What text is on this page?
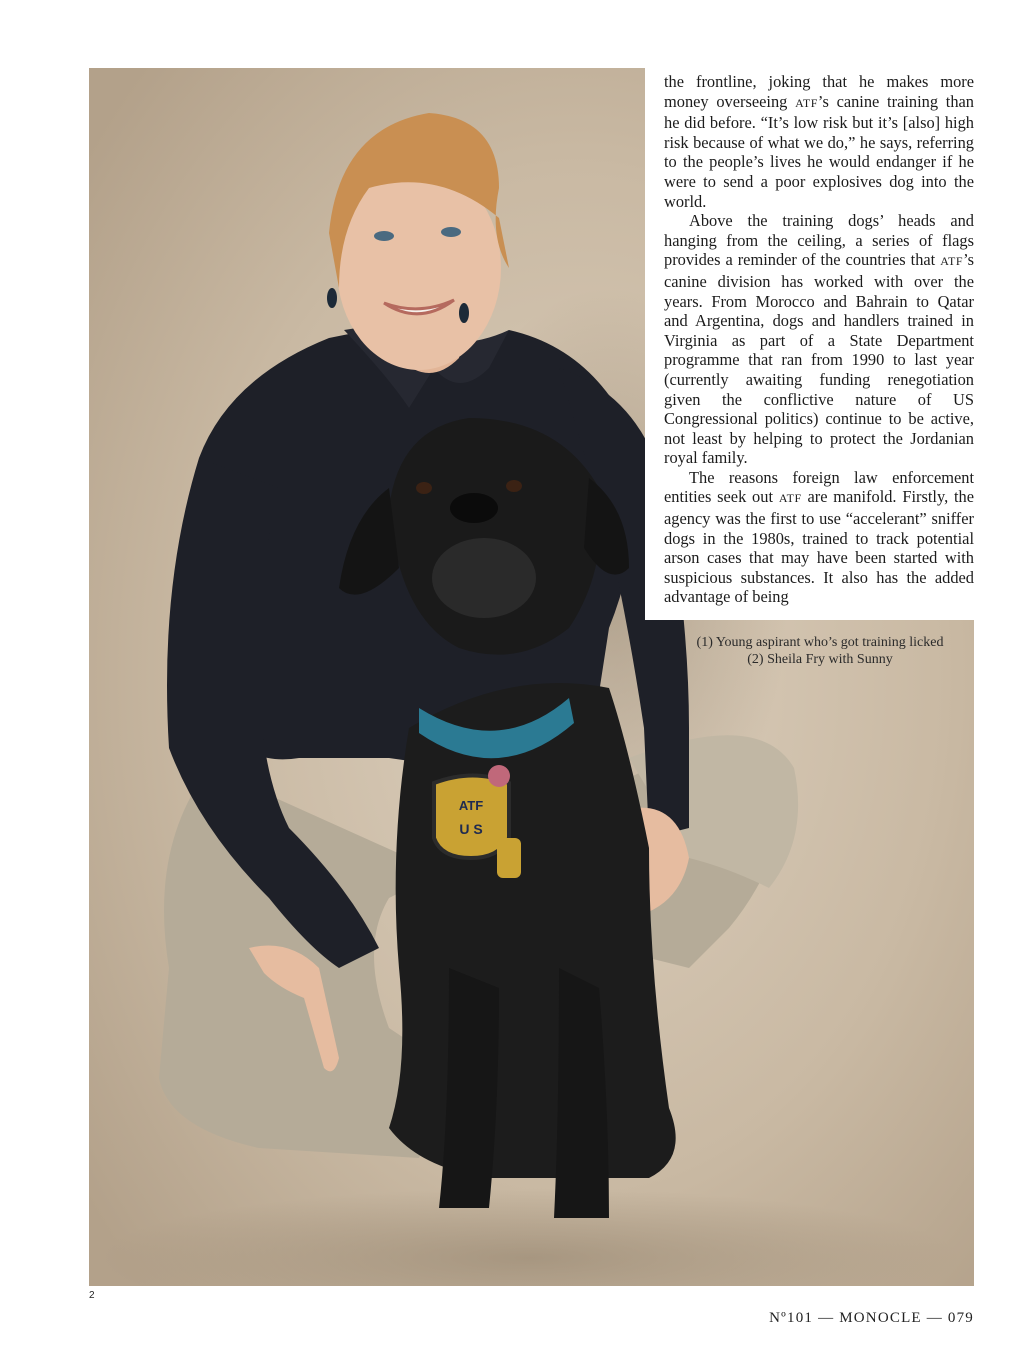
ATF
U S

the frontline, joking that he makes more money overseeing ATF’s canine training than he did before. “It’s low risk but it’s [also] high risk because of what we do,” he says, referring to the people’s lives he would endanger if he were to send a poor explosives dog into the world.

Above the training dogs’ heads and hanging from the ceiling, a series of flags provides a reminder of the countries that ATF’s canine division has worked with over the years. From Morocco and Bahrain to Qatar and Argentina, dogs and handlers trained in Virginia as part of a State Department programme that ran from 1990 to last year (currently awaiting funding renegotiation given the conflictive nature of US Congressional politics) continue to be active, not least by helping to protect the Jordanian royal family.

The reasons foreign law enforcement entities seek out ATF are manifold. Firstly, the agency was the first to use “accelerant” sniffer dogs in the 1980s, trained to track potential arson cases that may have been started with suspicious substances. It also has the added advantage of being

(1) Young aspirant who’s got training licked
(2) Sheila Fry with Sunny
2
Nº101 — MONOCLE — 079
